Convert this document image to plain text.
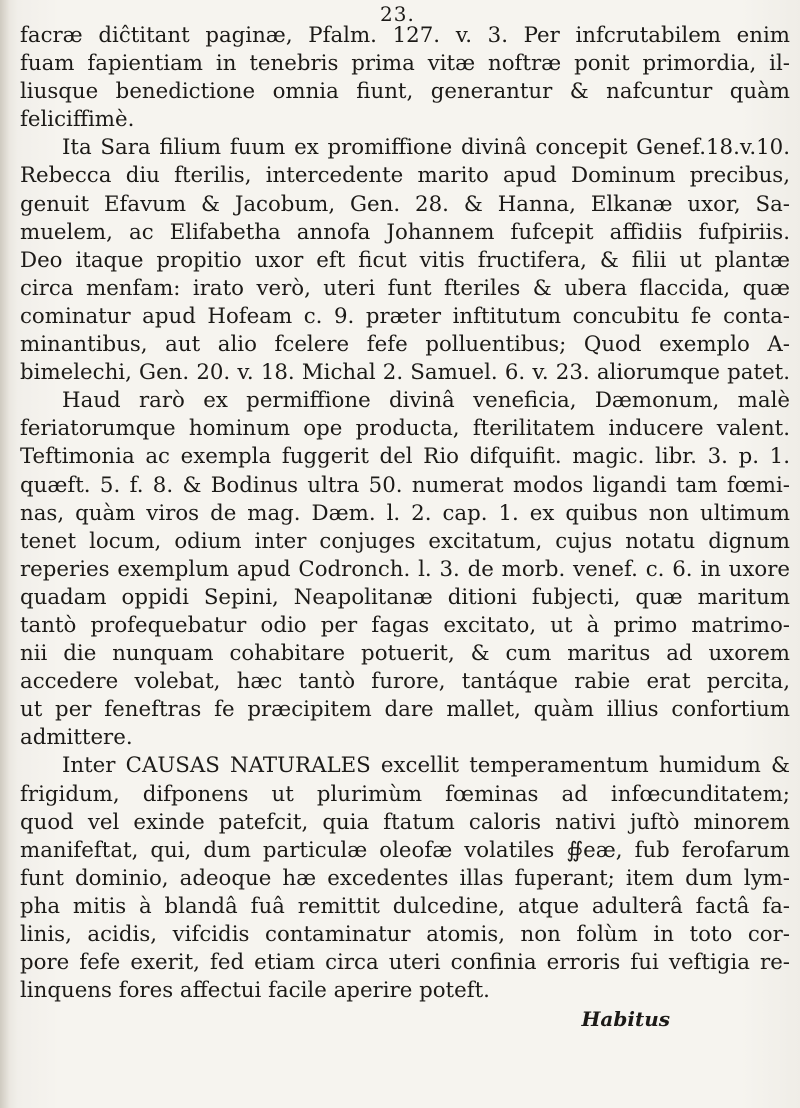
23.
facræ diĉtitant paginæ, Pfalm. 127. v. 3. Per infcrutabilem enim
fuam fapientiam in tenebris prima vitæ noftræ ponit primordia, il-
liusque benedictione omnia fiunt, generantur & nafcuntur quàm
feliciffimè.
Ita Sara filium fuum ex promiffione divinâ concepit Genef.18.v.10.
Rebecca diu fterilis, intercedente marito apud Dominum precibus,
genuit Efavum & Jacobum, Gen. 28. & Hanna, Elkanæ uxor, Sa-
muelem, ac Elifabetha annofa Johannem fufcepit affidiis fufpiriis.
Deo itaque propitio uxor eft ficut vitis fructifera, & filii ut plantæ
circa menfam: irato verò, uteri funt fteriles & ubera flaccida, quæ
cominatur apud Hofeam c. 9. præter inftitutum concubitu fe conta-
minantibus, aut alio fcelere fefe polluentibus; Quod exemplo A-
bimelechi, Gen. 20. v. 18. Michal 2. Samuel. 6. v. 23. aliorumque patet.
Haud rarò ex permiffione divinâ veneficia, Dæmonum, malè
feriatorumque hominum ope producta, fterilitatem inducere valent.
Teftimonia ac exempla fuggerit del Rio difquifit. magic. libr. 3. p. 1.
quæft. 5. f. 8. & Bodinus ultra 50. numerat modos ligandi tam fœmi-
nas, quàm viros de mag. Dæm. l. 2. cap. 1. ex quibus non ultimum
tenet locum, odium inter conjuges excitatum, cujus notatu dignum
reperies exemplum apud Codronch. l. 3. de morb. venef. c. 6. in uxore
quadam oppidi Sepini, Neapolitanæ ditioni fubjecti, quæ maritum
tantò profequebatur odio per fagas excitato, ut à primo matrimo-
nii die nunquam cohabitare potuerit, & cum maritus ad uxorem
accedere volebat, hæc tantò furore, tantáque rabie erat percita,
ut per feneftras fe præcipitem dare mallet, quàm illius confortium
admittere.
Inter CAUSAS NATURALES excellit temperamentum humidum &
frigidum, difponens ut plurimùm fœminas ad infœcunditatem;
quod vel exinde patefcit, quia ftatum caloris nativi juftò minorem
manifeftat, qui, dum particulæ oleofæ volatiles ∯eæ, fub ferofarum
funt dominio, adeoque hæ excedentes illas fuperant; item dum lym-
pha mitis à blandâ fuâ remittit dulcedine, atque adulterâ factâ fa-
linis, acidis, vifcidis contaminatur atomis, non folùm in toto cor-
pore fefe exerit, fed etiam circa uteri confinia erroris fui veftigia re-
linquens fores affectui facile aperire poteft.
Habitus
